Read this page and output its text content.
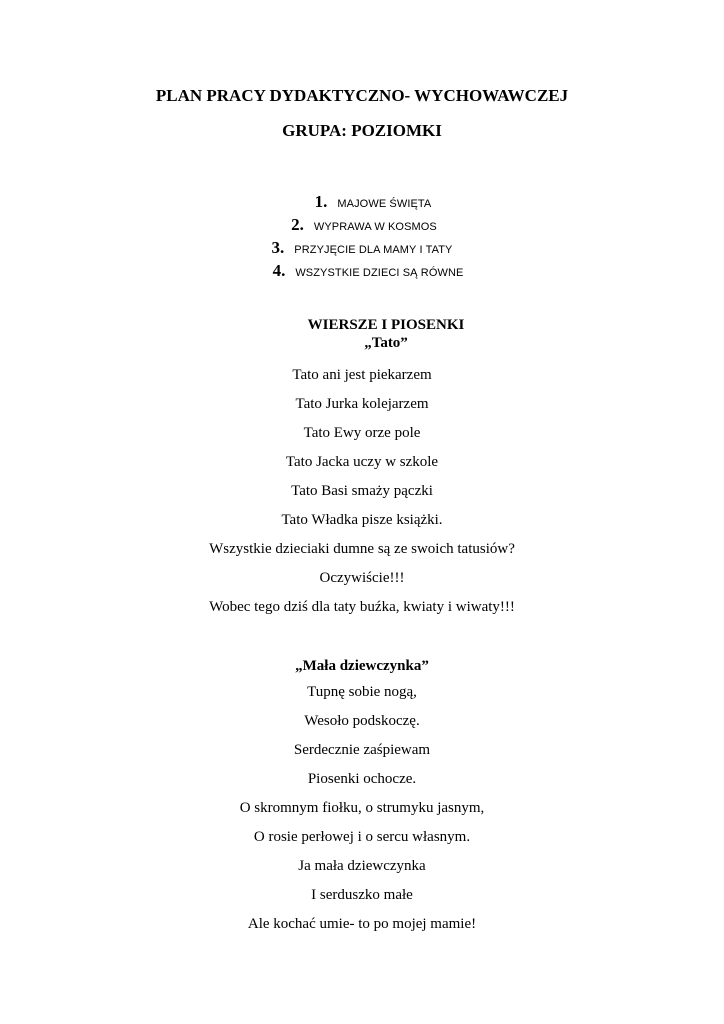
PLAN PRACY DYDAKTYCZNO- WYCHOWAWCZEJ
GRUPA: POZIOMKI
1. MAJOWE ŚWIĘTA
2. WYPRAWA W KOSMOS
3. PRZYJĘCIE DLA MAMY I TATY
4. WSZYSTKIE DZIECI SĄ RÓWNE
WIERSZE I PIOSENKI
„Tato”
Tato ani jest piekarzem
Tato Jurka kolejarzem
Tato Ewy orze pole
Tato Jacka uczy w szkole
Tato Basi smaży pączki
Tato Władka pisze książki.
Wszystkie dzieciaki dumne są ze swoich tatusiów?
Oczywiście!!!
Wobec tego dziś dla taty buźka, kwiaty i wiwaty!!!
„Mała dziewczynka”
Tupnę sobie nogą,
Wesoło podskoczę.
Serdecznie zaśpiewam
Piosenki ochocze.
O skromnym fiołku, o strumyku jasnym,
O rosie perłowej i o sercu własnym.
Ja mała dziewczynka
I serduszko małe
Ale kochać umie- to po mojej mamie!
